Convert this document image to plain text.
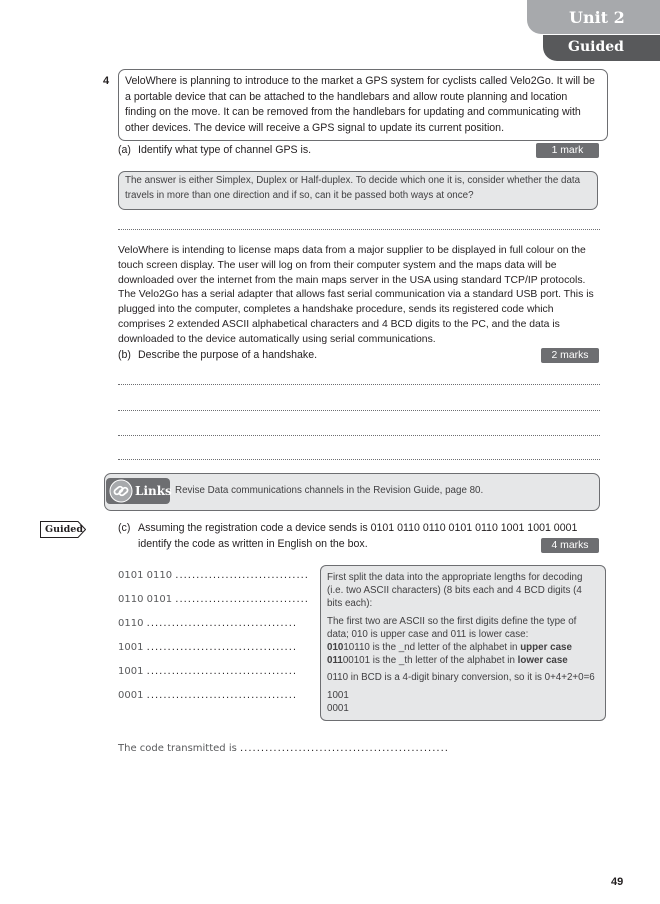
Unit 2
Guided
4	VeloWhere is planning to introduce to the market a GPS system for cyclists called Velo2Go. It will be a portable device that can be attached to the handlebars and allow route planning and location finding on the move. It can be removed from the handlebars for updating and communicating with other devices. The device will receive a GPS signal to update its current position.
(a) Identify what type of channel GPS is.	1 mark
The answer is either Simplex, Duplex or Half-duplex. To decide which one it is, consider whether the data travels in more than one direction and if so, can it be passed both ways at once?
VeloWhere is intending to license maps data from a major supplier to be displayed in full colour on the touch screen display. The user will log on from their computer system and the maps data will be downloaded over the internet from the main maps server in the USA using standard TCP/IP protocols. The Velo2Go has a serial adapter that allows fast serial communication via a standard USB port. This is plugged into the computer, completes a handshake procedure, sends its registered code which comprises 2 extended ASCII alphabetical characters and 4 BCD digits to the PC, and the data is downloaded to the device automatically using serial communications.
(b) Describe the purpose of a handshake.	2 marks
Links Revise Data communications channels in the Revision Guide, page 80.
Guided	(c) Assuming the registration code a device sends is 0101 0110 0110 0101 0110 1001 1001 0001
identify the code as written in English on the box.	4 marks
0101 0110 ................................
0110 0101 ................................
0110 ....................................
1001 ....................................
1001 ....................................
0001 ....................................

First split the data into the appropriate lengths for decoding (i.e. two ASCII characters) (8 bits each and 4 BCD digits (4 bits each):

The first two are ASCII so the first digits define the type of data; 010 is upper case and 011 is lower case:

01010110 is the _nd letter of the alphabet in upper case

01100101 is the _th letter of the alphabet in lower case

0110 in BCD is a 4-digit binary conversion, so it is 0+4+2+0=6

1001

0001

The code transmitted is ..................................................
49
